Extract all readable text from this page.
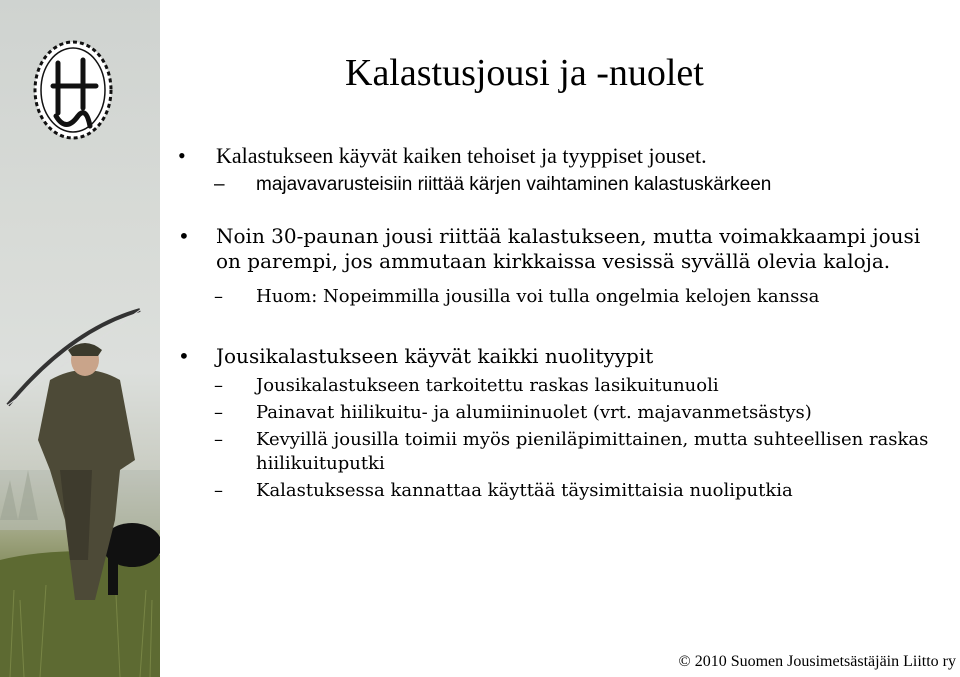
Kalastusjousi ja -nuolet
• Kalastukseen käyvät kaiken tehoiset ja tyyppiset jouset.
– majavavarusteisiin riittää kärjen vaihtaminen kalastuskärkeen
• Noin 30-paunan jousi riittää kalastukseen, mutta voimakkaampi jousi on parempi, jos ammutaan kirkkaissa vesissä syvällä olevia kaloja.
– Huom: Nopeimmilla jousilla voi tulla ongelmia kelojen kanssa
• Jousikalastukseen käyvät kaikki nuolityypit
– Jousikalastukseen tarkoitettu raskas lasikuitunuoli
– Painavat hiilikuitu- ja alumiininuolet (vrt. majavanmetsästys)
– Kevyillä jousilla toimii myös pieniläpimittainen, mutta suhteellisen raskas hiilikuituputki
– Kalastuksessa kannattaa käyttää täysimittaisia nuoliputkia
© 2010 Suomen Jousimetsästäjäin Liitto ry
